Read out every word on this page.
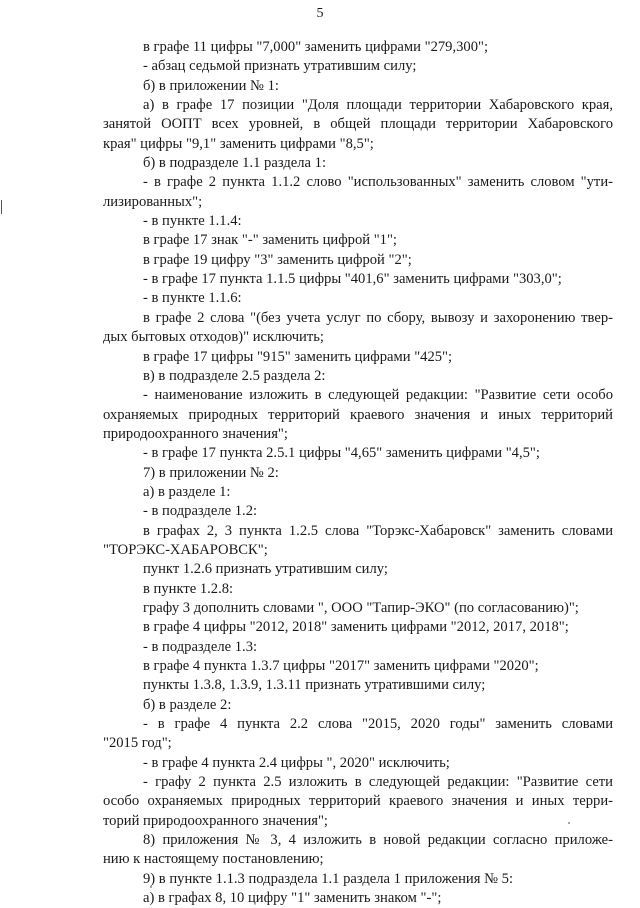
5
в графе 11 цифры "7,000" заменить цифрами "279,300";
- абзац седьмой признать утратившим силу;
б) в приложении № 1:
а) в графе 17 позиции "Доля площади территории Хабаровского края,
занятой ООПТ всех уровней, в общей площади территории Хабаровского
края" цифры "9,1" заменить цифрами "8,5";
б) в подразделе 1.1 раздела 1:
- в графе 2 пункта 1.1.2 слово "использованных" заменить словом "ути-
лизированных";
- в пункте 1.1.4:
в графе 17 знак "-" заменить цифрой "1";
в графе 19 цифру "3" заменить цифрой "2";
- в графе 17 пункта 1.1.5 цифры "401,6" заменить цифрами "303,0";
- в пункте 1.1.6:
в графе 2 слова "(без учета услуг по сбору, вывозу и захоронению твер-
дых бытовых отходов)" исключить;
в графе 17 цифры "915" заменить цифрами "425";
в) в подразделе 2.5 раздела 2:
- наименование изложить в следующей редакции: "Развитие сети особо
охраняемых природных территорий краевого значения и иных территорий
природоохранного значения";
- в графе 17 пункта 2.5.1 цифры "4,65" заменить цифрами "4,5";
7) в приложении № 2:
а) в разделе 1:
- в подразделе 1.2:
в графах 2, 3 пункта 1.2.5 слова "Торэкс-Хабаровск" заменить словами
"ТОРЭКС-ХАБАРОВСК";
пункт 1.2.6 признать утратившим силу;
в пункте 1.2.8:
графу 3 дополнить словами ", ООО "Тапир-ЭКО" (по согласованию)";
в графе 4 цифры "2012, 2018" заменить цифрами "2012, 2017, 2018";
- в подразделе 1.3:
в графе 4 пункта 1.3.7 цифры "2017" заменить цифрами "2020";
пункты 1.3.8, 1.3.9, 1.3.11 признать утратившими силу;
б) в разделе 2:
- в графе 4 пункта 2.2 слова "2015, 2020 годы" заменить словами
"2015 год";
- в графе 4 пункта 2.4 цифры ", 2020" исключить;
- графу 2 пункта 2.5 изложить в следующей редакции: "Развитие сети
особо охраняемых природных территорий краевого значения и иных терри-
торий природоохранного значения";
8) приложения № 3, 4 изложить в новой редакции согласно приложе-
нию к настоящему постановлению;
9) в пункте 1.1.3 подраздела 1.1 раздела 1 приложения № 5:
а) в графах 8, 10 цифру "1" заменить знаком "-";
